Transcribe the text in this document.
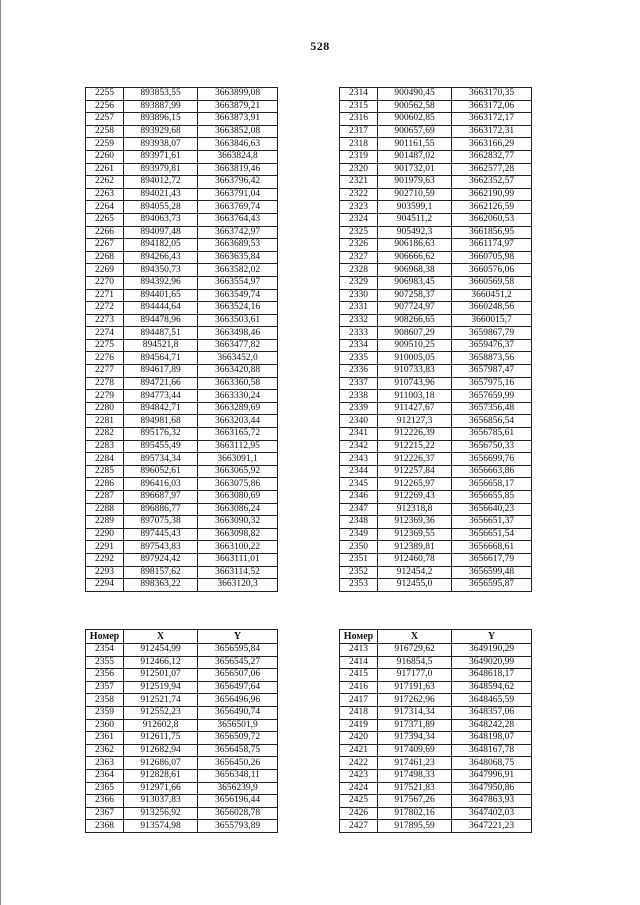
528
2255	893853,55	3663899,08
2256	893887,99	3663879,21
2257	893896,15	3663873,91
2258	893929,68	3663852,08
2259	893938,07	3663846,63
2260	893971,61	3663824,8
2261	893979,81	3663819,46
2262	894012,72	3663796,42
2263	894021,43	3663791,04
2264	894055,28	3663769,74
2265	894063,73	3663764,43
2266	894097,48	3663742,97
2267	894182,05	3663689,53
2268	894266,43	3663635,84
2269	894350,73	3663582,02
2270	894392,96	3663554,97
2271	894401,65	3663549,74
2272	894444,64	3663524,16
2273	894478,96	3663503,61
2274	894487,51	3663498,46
2275	894521,8	3663477,82
2276	894564,71	3663452,0
2277	894617,89	3663420,88
2278	894721,66	3663360,58
2279	894773,44	3663330,24
2280	894842,71	3663289,69
2281	894981,68	3663203,44
2282	895176,32	3663165,72
2283	895455,49	3663112,95
2284	895734,34	3663091,1
2285	896052,61	3663065,92
2286	896416,03	3663075,86
2287	896687,97	3663080,69
2288	896886,77	3663086,24
2289	897075,38	3663090,32
2290	897445,43	3663098,82
2291	897543,83	3663100,22
2292	897924,42	3663111,01
2293	898157,62	3663114,52
2294	898363,22	3663120,3
2314	900490,45	3663170,35
2315	900562,58	3663172,06
2316	900602,85	3663172,17
2317	900657,69	3663172,31
2318	901161,55	3663166,29
2319	901487,02	3662832,77
2320	901732,01	3662577,28
2321	901979,63	3662352,57
2322	902710,59	3662190,99
2323	903599,1	3662126,59
2324	904511,2	3662060,53
2325	905492,3	3661856,95
2326	906186,63	3661174,97
2327	906666,62	3660705,98
2328	906968,38	3660576,06
2329	906983,45	3660569,58
2330	907258,37	3660451,2
2331	907724,97	3660248,56
2332	908266,65	3660015,7
2333	908607,29	3659867,79
2334	909510,25	3659476,37
2335	910005,05	3658873,56
2336	910733,83	3657987,47
2337	910743,96	3657975,16
2338	911003,18	3657659,99
2339	911427,67	3657356,48
2340	912127,3	3656856,54
2341	912226,39	3656785,61
2342	912215,22	3656750,33
2343	912226,37	3656699,76
2344	912257,84	3656663,86
2345	912265,97	3656658,17
2346	912269,43	3656655,85
2347	912318,8	3656640,23
2348	912369,36	3656651,37
2349	912369,55	3656651,54
2350	912389,81	3656668,61
2351	912460,78	3656617,79
2352	912454,2	3656599,48
2353	912455,0	3656595,87
Номер	X	Y
2354	912454,99	3656595,84
2355	912466,12	3656545,27
2356	912501,07	3656507,06
2357	912519,94	3656497,64
2358	912521,74	3656496,96
2359	912552,23	3656490,74
2360	912602,8	3656501,9
2361	912611,75	3656509,72
2362	912682,94	3656458,75
2363	912686,07	3656450,26
2364	912828,61	3656348,11
2365	912971,66	3656239,9
2366	913037,83	3656196,44
2367	913256,92	3656028,78
2368	913574,98	3655793,89
Номер	X	Y
2413	916729,62	3649190,29
2414	916854,5	3649020,99
2415	917177,0	3648618,17
2416	917191,63	3648594,62
2417	917262,96	3648465,59
2418	917314,34	3648357,06
2419	917371,89	3648242,28
2420	917394,34	3648198,07
2421	917409,69	3648167,78
2422	917461,23	3648068,75
2423	917498,33	3647996,91
2424	917521,83	3647950,86
2425	917567,26	3647863,93
2426	917802,16	3647402,03
2427	917895,59	3647221,23
